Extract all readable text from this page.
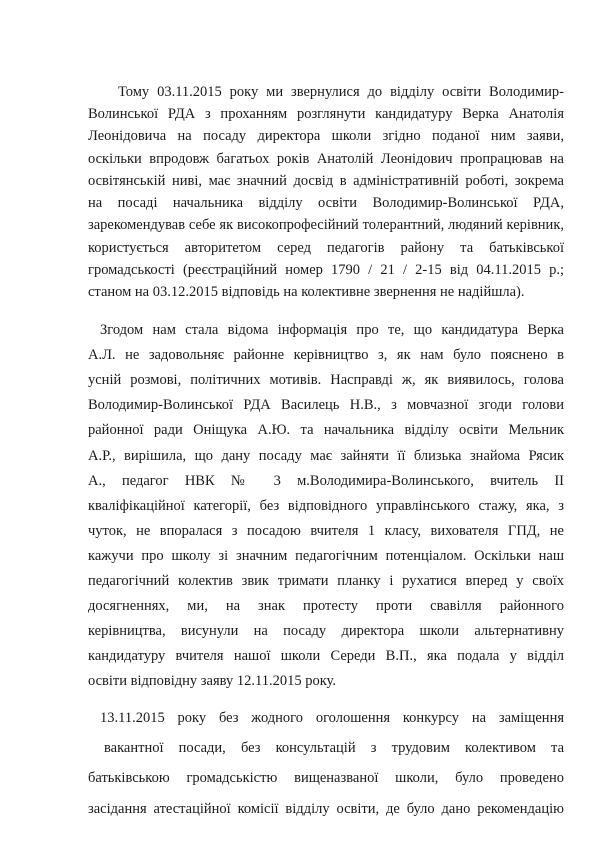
Тому 03.11.2015 року ми звернулися до відділу освіти Володимир-
Волинської РДА з проханням розглянути кандидатуру Верка Анатолія
Леонідовича на посаду директора школи згідно поданої ним заяви,
оскільки впродовж багатьох років Анатолій Леонідович пропрацював на
освітянській ниві, має значний досвід в адміністративній роботі, зокрема
на посаді начальника відділу освіти Володимир-Волинської РДА,
зарекомендував себе як високопрофесійний толерантний, людяний керівник,
користується авторитетом серед педагогів району та батьківської
громадськості (реєстраційний номер 1790 / 21 / 2-15 від 04.11.2015 р.;
станом на 03.12.2015 відповідь на колективне звернення не надійшла).
Згодом нам стала відома інформація про те, що кандидатура Верка
А.Л. не задовольняє районне керівництво з, як нам було пояснено в
усній розмові, політичних мотивів. Насправді ж, як виявилось, голова
Володимир-Волинської РДА Василець Н.В., з мовчазної згоди голови
районної ради Оніщука А.Ю. та начальника відділу освіти Мельник
А.Р., вирішила, що дану посаду має зайняти її близька знайома Рясик
А., педагог НВК № 3 м.Володимира-Волинського, вчитель ІІ
кваліфікаційної категорії, без відповідного управлінського стажу, яка, з
чуток, не впоралася з посадою вчителя 1 класу, вихователя ГПД, не
кажучи про школу зі значним педагогічним потенціалом. Оскільки наш
педагогічний колектив звик тримати планку і рухатися вперед у своїх
досягненнях, ми, на знак протесту проти свавілля районного
керівництва, висунули на посаду директора школи альтернативну
кандидатуру вчителя нашої школи Середи В.П., яка подала у відділ
освіти відповідну заяву 12.11.2015 року.
13.11.2015 року без жодного оголошення конкурсу на заміщення
вакантної посади, без консультацій з трудовим колективом та
батьківською громадськістю вищеназваної школи, було проведено
засідання атестаційної комісії відділу освіти, де було дано рекомендацію
